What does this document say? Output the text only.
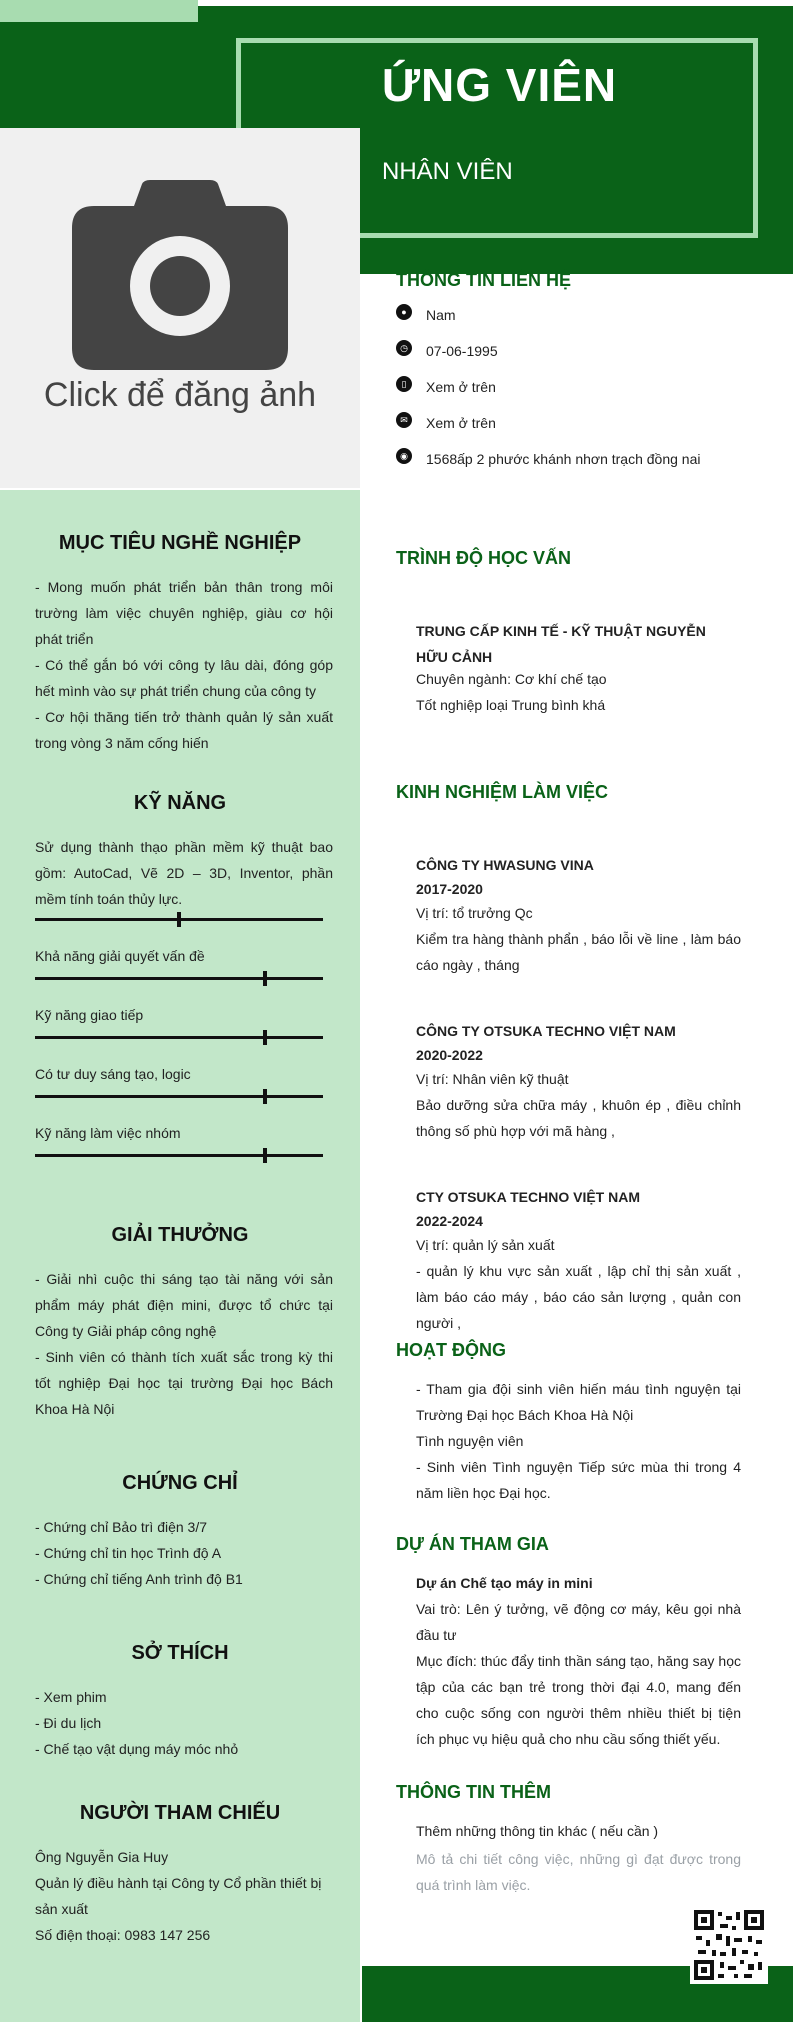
ỨNG VIÊN
NHÂN VIÊN
Click để đăng ảnh
MỤC TIÊU NGHỀ NGHIỆP
- Mong muốn phát triển bản thân trong môi trường làm việc chuyên nghiệp, giàu cơ hội phát triển
- Có thể gắn bó với công ty lâu dài, đóng góp hết mình vào sự phát triển chung của công ty
- Cơ hội thăng tiến trở thành quản lý sản xuất trong vòng 3 năm cống hiến
KỸ NĂNG
Sử dụng thành thạo phần mềm kỹ thuật bao gồm: AutoCad, Vẽ 2D – 3D, Inventor, phần mềm tính toán thủy lực.
Khả năng giải quyết vấn đề
Kỹ năng giao tiếp
Có tư duy sáng tạo, logic
Kỹ năng làm việc nhóm
GIẢI THƯỞNG
- Giải nhì cuộc thi sáng tạo tài năng với sản phẩm máy phát điện mini, được tổ chức tại Công ty Giải pháp công nghệ
- Sinh viên có thành tích xuất sắc trong kỳ thi tốt nghiệp Đại học tại trường Đại học Bách Khoa Hà Nội
CHỨNG CHỈ
- Chứng chỉ Bảo trì điện 3/7
- Chứng chỉ tin học Trình độ A
- Chứng chỉ tiếng Anh trình độ B1
SỞ THÍCH
- Xem phim
- Đi du lịch
- Chế tạo vật dụng máy móc nhỏ
NGƯỜI THAM CHIẾU
Ông Nguyễn Gia Huy
Quản lý điều hành tại Công ty Cổ phần thiết bị sản xuất
Số điện thoại: 0983 147 256
THÔNG TIN LIÊN HỆ
●	Nam
◷ 07-06-1995
▯	Xem ở trên
✉	Xem ở trên
◉ 1568ấp 2 phước khánh nhơn trạch đồng nai
TRÌNH ĐỘ HỌC VẤN
TRUNG CẤP KINH TẾ - KỸ THUẬT NGUYỄN HỮU CẢNH
Chuyên ngành: Cơ khí chế tạo
Tốt nghiệp loại Trung bình khá
KINH NGHIỆM LÀM VIỆC
CÔNG TY HWASUNG VINA
2017-2020
Vị trí: tổ trưởng Qc
Kiểm tra hàng thành phẩn , báo lỗi về line , làm báo cáo ngày , tháng
CÔNG TY OTSUKA TECHNO VIỆT NAM
2020-2022
Vị trí: Nhân viên kỹ thuật
Bảo dưỡng sửa chữa máy , khuôn ép , điều chỉnh thông số phù hợp với mã hàng ,
CTY OTSUKA TECHNO VIỆT NAM
2022-2024
Vị trí: quản lý sản xuất
- quản lý khu vực sản xuất , lập chỉ thị sản xuất , làm báo cáo máy , báo cáo sản lượng , quản con người ,
HOẠT ĐỘNG
- Tham gia đội sinh viên hiến máu tình nguyện tại Trường Đại học Bách Khoa Hà Nội
Tình nguyện viên
- Sinh viên Tình nguyện Tiếp sức mùa thi trong 4 năm liền học Đại học.
DỰ ÁN THAM GIA
Dự án Chế tạo máy in mini
Vai trò: Lên ý tưởng, vẽ động cơ máy, kêu gọi nhà đầu tư
Mục đích: thúc đẩy tinh thần sáng tạo, hăng say học tập của các bạn trẻ trong thời đại 4.0, mang đến cho cuộc sống con người thêm nhiều thiết bị tiện ích phục vụ hiệu quả cho nhu cầu sống thiết yếu.
THÔNG TIN THÊM
Thêm những thông tin khác ( nếu cần )
Mô tả chi tiết công việc, những gì đạt được trong quá trình làm việc.
